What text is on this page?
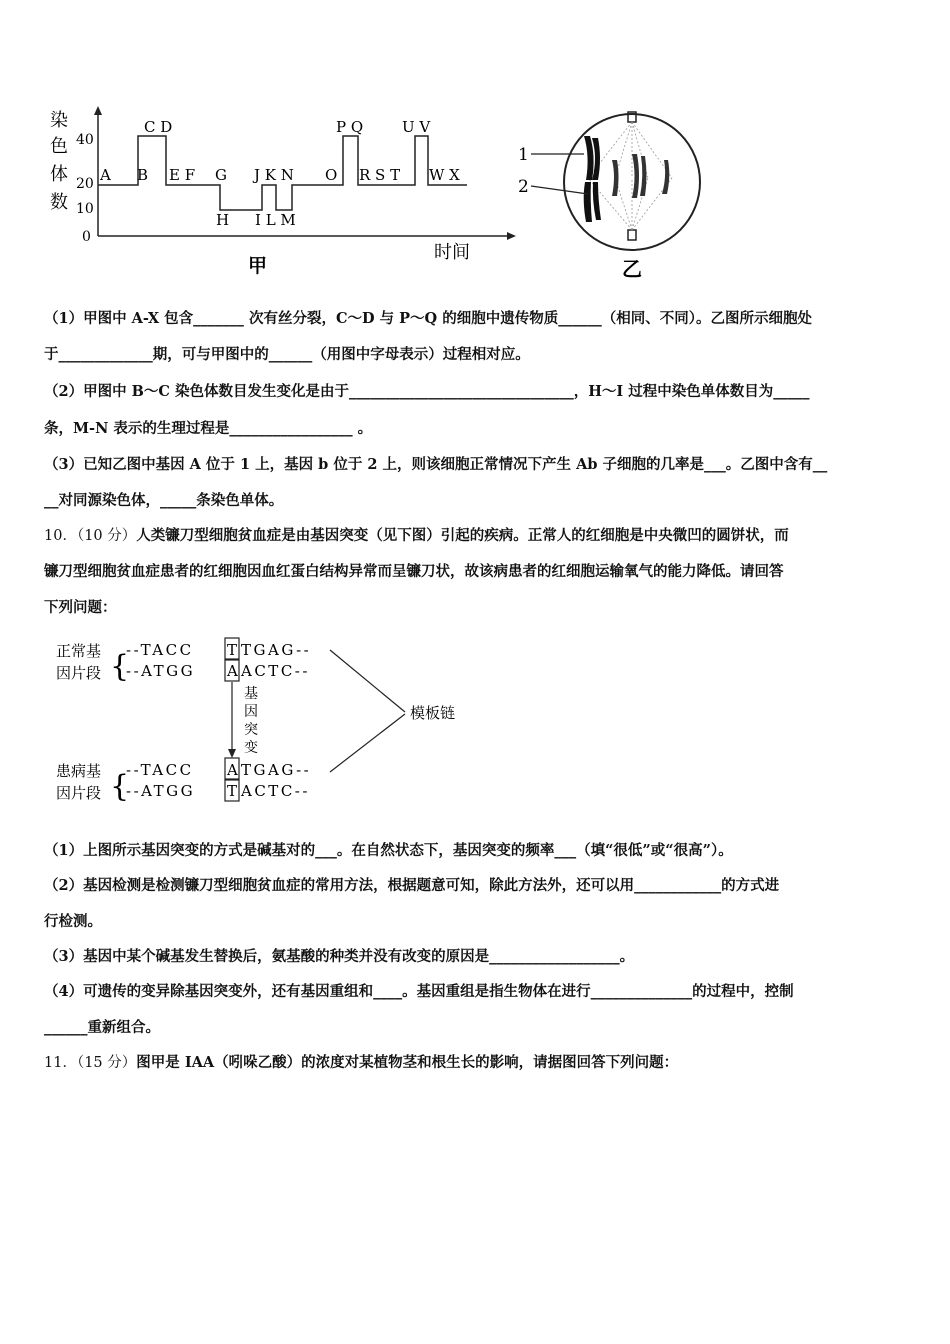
染
色
体
数
40
20
10
0
C D	P Q	U V
A B E F G J K N O R S T W X
H I L M
时间
甲
1
2
乙
（1）甲图中 A-X 包含_______ 次有丝分裂，C～D 与 P～Q 的细胞中遗传物质______（相同、不同）。乙图所示细胞处
于_____________期，可与甲图中的______（用图中字母表示）过程相对应。
（2）甲图中 B～C 染色体数目发生变化是由于_______________________________，H～I 过程中染色单体数目为_____
条，M-N 表示的生理过程是_________________ 。
（3）已知乙图中基因 A 位于 1 上，基因 b 位于 2 上，则该细胞正常情况下产生 Ab 子细胞的几率是___。乙图中含有__
__对同源染色体，_____条染色单体。
10．（10 分）人类镰刀型细胞贫血症是由基因突变（见下图）引起的疾病。正常人的红细胞是中央微凹的圆饼状，而
镰刀型细胞贫血症患者的红细胞因血红蛋白结构异常而呈镰刀状，故该病患者的红细胞运输氧气的能力降低。请回答
下列问题：
正常基
因片段 {
--TACC T TGAG--
--ATGG A ACTC--
基
因
突
变
模板链
患病基
因片段 {
--TACC A TGAG--
--ATGG T ACTC--
（1）上图所示基因突变的方式是碱基对的___。在自然状态下，基因突变的频率___（填“很低”或“很高”）。
（2）基因检测是检测镰刀型细胞贫血症的常用方法，根据题意可知，除此方法外，还可以用____________的方式进
行检测。
（3）基因中某个碱基发生替换后，氨基酸的种类并没有改变的原因是__________________。
（4）可遗传的变异除基因突变外，还有基因重组和____。基因重组是指生物体在进行______________的过程中，控制
______重新组合。
11．（15 分）图甲是 IAA（吲哚乙酸）的浓度对某植物茎和根生长的影响，请据图回答下列问题：
